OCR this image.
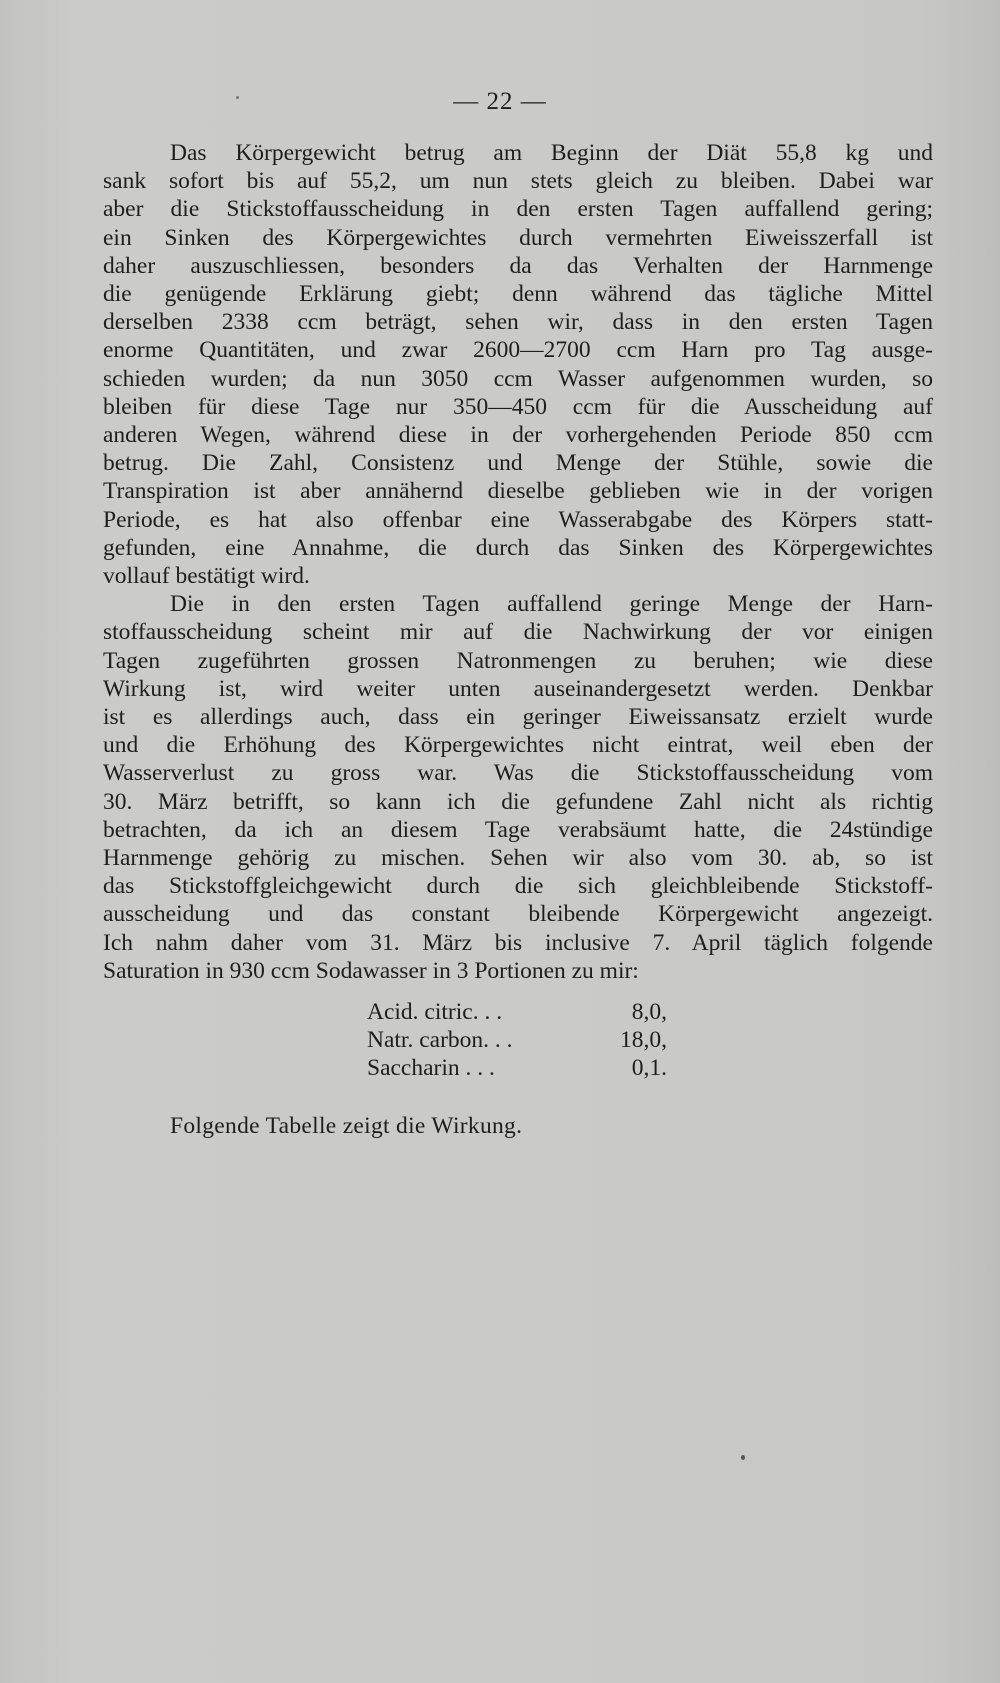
— 22 —

Das Körpergewicht betrug am Beginn der Diät 55,8 kg und
sank sofort bis auf 55,2, um nun stets gleich zu bleiben. Dabei war
aber die Stickstoffausscheidung in den ersten Tagen auffallend gering;
ein Sinken des Körpergewichtes durch vermehrten Eiweisszerfall ist
daher auszuschliessen, besonders da das Verhalten der Harnmenge
die genügende Erklärung giebt; denn während das tägliche Mittel
derselben 2338 ccm beträgt, sehen wir, dass in den ersten Tagen
enorme Quantitäten, und zwar 2600—2700 ccm Harn pro Tag ausge-
schieden wurden; da nun 3050 ccm Wasser aufgenommen wurden, so
bleiben für diese Tage nur 350—450 ccm für die Ausscheidung auf
anderen Wegen, während diese in der vorhergehenden Periode 850 ccm
betrug. Die Zahl, Consistenz und Menge der Stühle, sowie die
Transpiration ist aber annähernd dieselbe geblieben wie in der vorigen
Periode, es hat also offenbar eine Wasserabgabe des Körpers statt-
gefunden, eine Annahme, die durch das Sinken des Körpergewichtes
vollauf bestätigt wird.

Die in den ersten Tagen auffallend geringe Menge der Harn-
stoffausscheidung scheint mir auf die Nachwirkung der vor einigen
Tagen zugeführten grossen Natronmengen zu beruhen; wie diese
Wirkung ist, wird weiter unten auseinandergesetzt werden. Denkbar
ist es allerdings auch, dass ein geringer Eiweissansatz erzielt wurde
und die Erhöhung des Körpergewichtes nicht eintrat, weil eben der
Wasserverlust zu gross war. Was die Stickstoffausscheidung vom
30. März betrifft, so kann ich die gefundene Zahl nicht als richtig
betrachten, da ich an diesem Tage verabsäumt hatte, die 24stündige
Harnmenge gehörig zu mischen. Sehen wir also vom 30. ab, so ist
das Stickstoffgleichgewicht durch die sich gleichbleibende Stickstoff-
ausscheidung und das constant bleibende Körpergewicht angezeigt.
Ich nahm daher vom 31. März bis inclusive 7. April täglich folgende
Saturation in 930 ccm Sodawasser in 3 Portionen zu mir:

Acid. citric. . .	8,0,
Natr. carbon. . .	18,0,
Saccharin . . .	0,1.
Folgende Tabelle zeigt die Wirkung.
